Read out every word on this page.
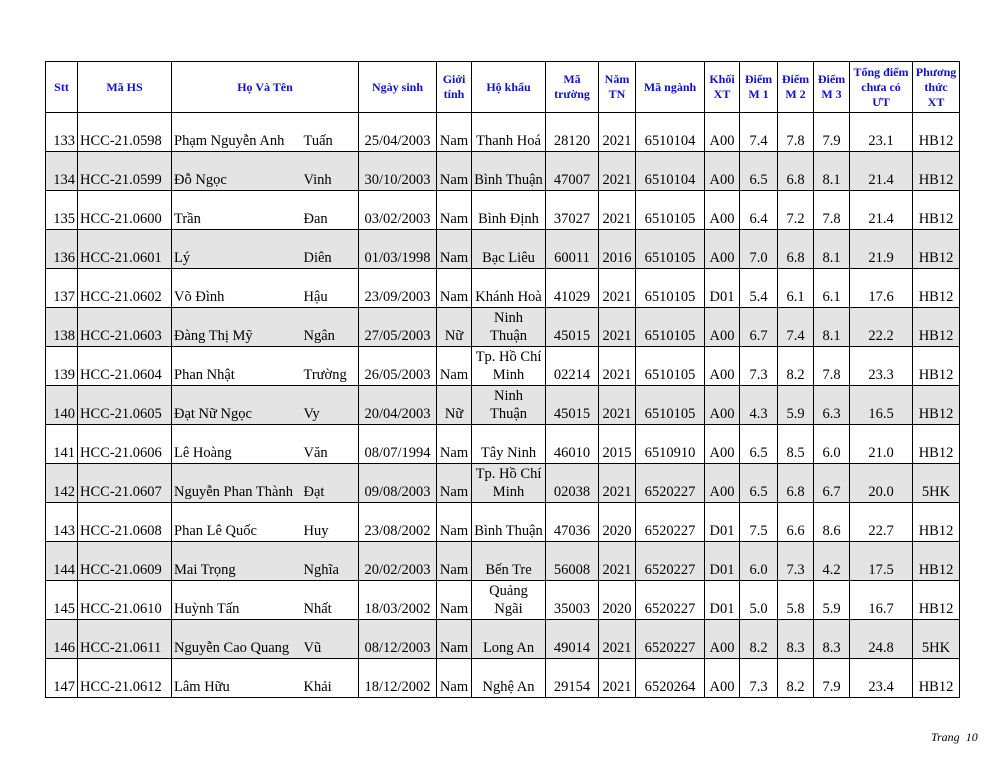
Stt	Mã HS	Họ Và Tên		Ngày sinh	Giới tính	Hộ khẩu	Mã trường	Năm TN	Mã ngành	Khối XT	Điểm M 1	Điểm M 2	Điểm M 3	Tổng điểm chưa có ƯT	Phương thức XT
133	HCC-21.0598	Phạm Nguyễn Anh	Tuấn	25/04/2003	Nam	Thanh Hoá	28120	2021	6510104	A00	7.4	7.8	7.9	23.1	HB12
134	HCC-21.0599	Đỗ Ngọc	Vinh	30/10/2003	Nam	Bình Thuận	47007	2021	6510104	A00	6.5	6.8	8.1	21.4	HB12
135	HCC-21.0600	Trần	Đan	03/02/2003	Nam	Bình Định	37027	2021	6510105	A00	6.4	7.2	7.8	21.4	HB12
136	HCC-21.0601	Lý	Diên	01/03/1998	Nam	Bạc Liêu	60011	2016	6510105	A00	7.0	6.8	8.1	21.9	HB12
137	HCC-21.0602	Võ Đình	Hậu	23/09/2003	Nam	Khánh Hoà	41029	2021	6510105	D01	5.4	6.1	6.1	17.6	HB12
138	HCC-21.0603	Đàng Thị Mỹ	Ngân	27/05/2003	Nữ	Ninh Thuận	45015	2021	6510105	A00	6.7	7.4	8.1	22.2	HB12
139	HCC-21.0604	Phan Nhật	Trường	26/05/2003	Nam	Tp. Hồ Chí Minh	02214	2021	6510105	A00	7.3	8.2	7.8	23.3	HB12
140	HCC-21.0605	Đạt Nữ Ngọc	Vy	20/04/2003	Nữ	Ninh Thuận	45015	2021	6510105	A00	4.3	5.9	6.3	16.5	HB12
141	HCC-21.0606	Lê Hoàng	Văn	08/07/1994	Nam	Tây Ninh	46010	2015	6510910	A00	6.5	8.5	6.0	21.0	HB12
142	HCC-21.0607	Nguyễn Phan Thành	Đạt	09/08/2003	Nam	Tp. Hồ Chí Minh	02038	2021	6520227	A00	6.5	6.8	6.7	20.0	5HK
143	HCC-21.0608	Phan Lê Quốc	Huy	23/08/2002	Nam	Bình Thuận	47036	2020	6520227	D01	7.5	6.6	8.6	22.7	HB12
144	HCC-21.0609	Mai Trọng	Nghĩa	20/02/2003	Nam	Bến Tre	56008	2021	6520227	D01	6.0	7.3	4.2	17.5	HB12
145	HCC-21.0610	Huỳnh Tấn	Nhất	18/03/2002	Nam	Quảng Ngãi	35003	2020	6520227	D01	5.0	5.8	5.9	16.7	HB12
146	HCC-21.0611	Nguyễn Cao Quang	Vũ	08/12/2003	Nam	Long An	49014	2021	6520227	A00	8.2	8.3	8.3	24.8	5HK
147	HCC-21.0612	Lâm Hữu	Khải	18/12/2002	Nam	Nghệ An	29154	2021	6520264	A00	7.3	8.2	7.9	23.4	HB12
Trang 10
